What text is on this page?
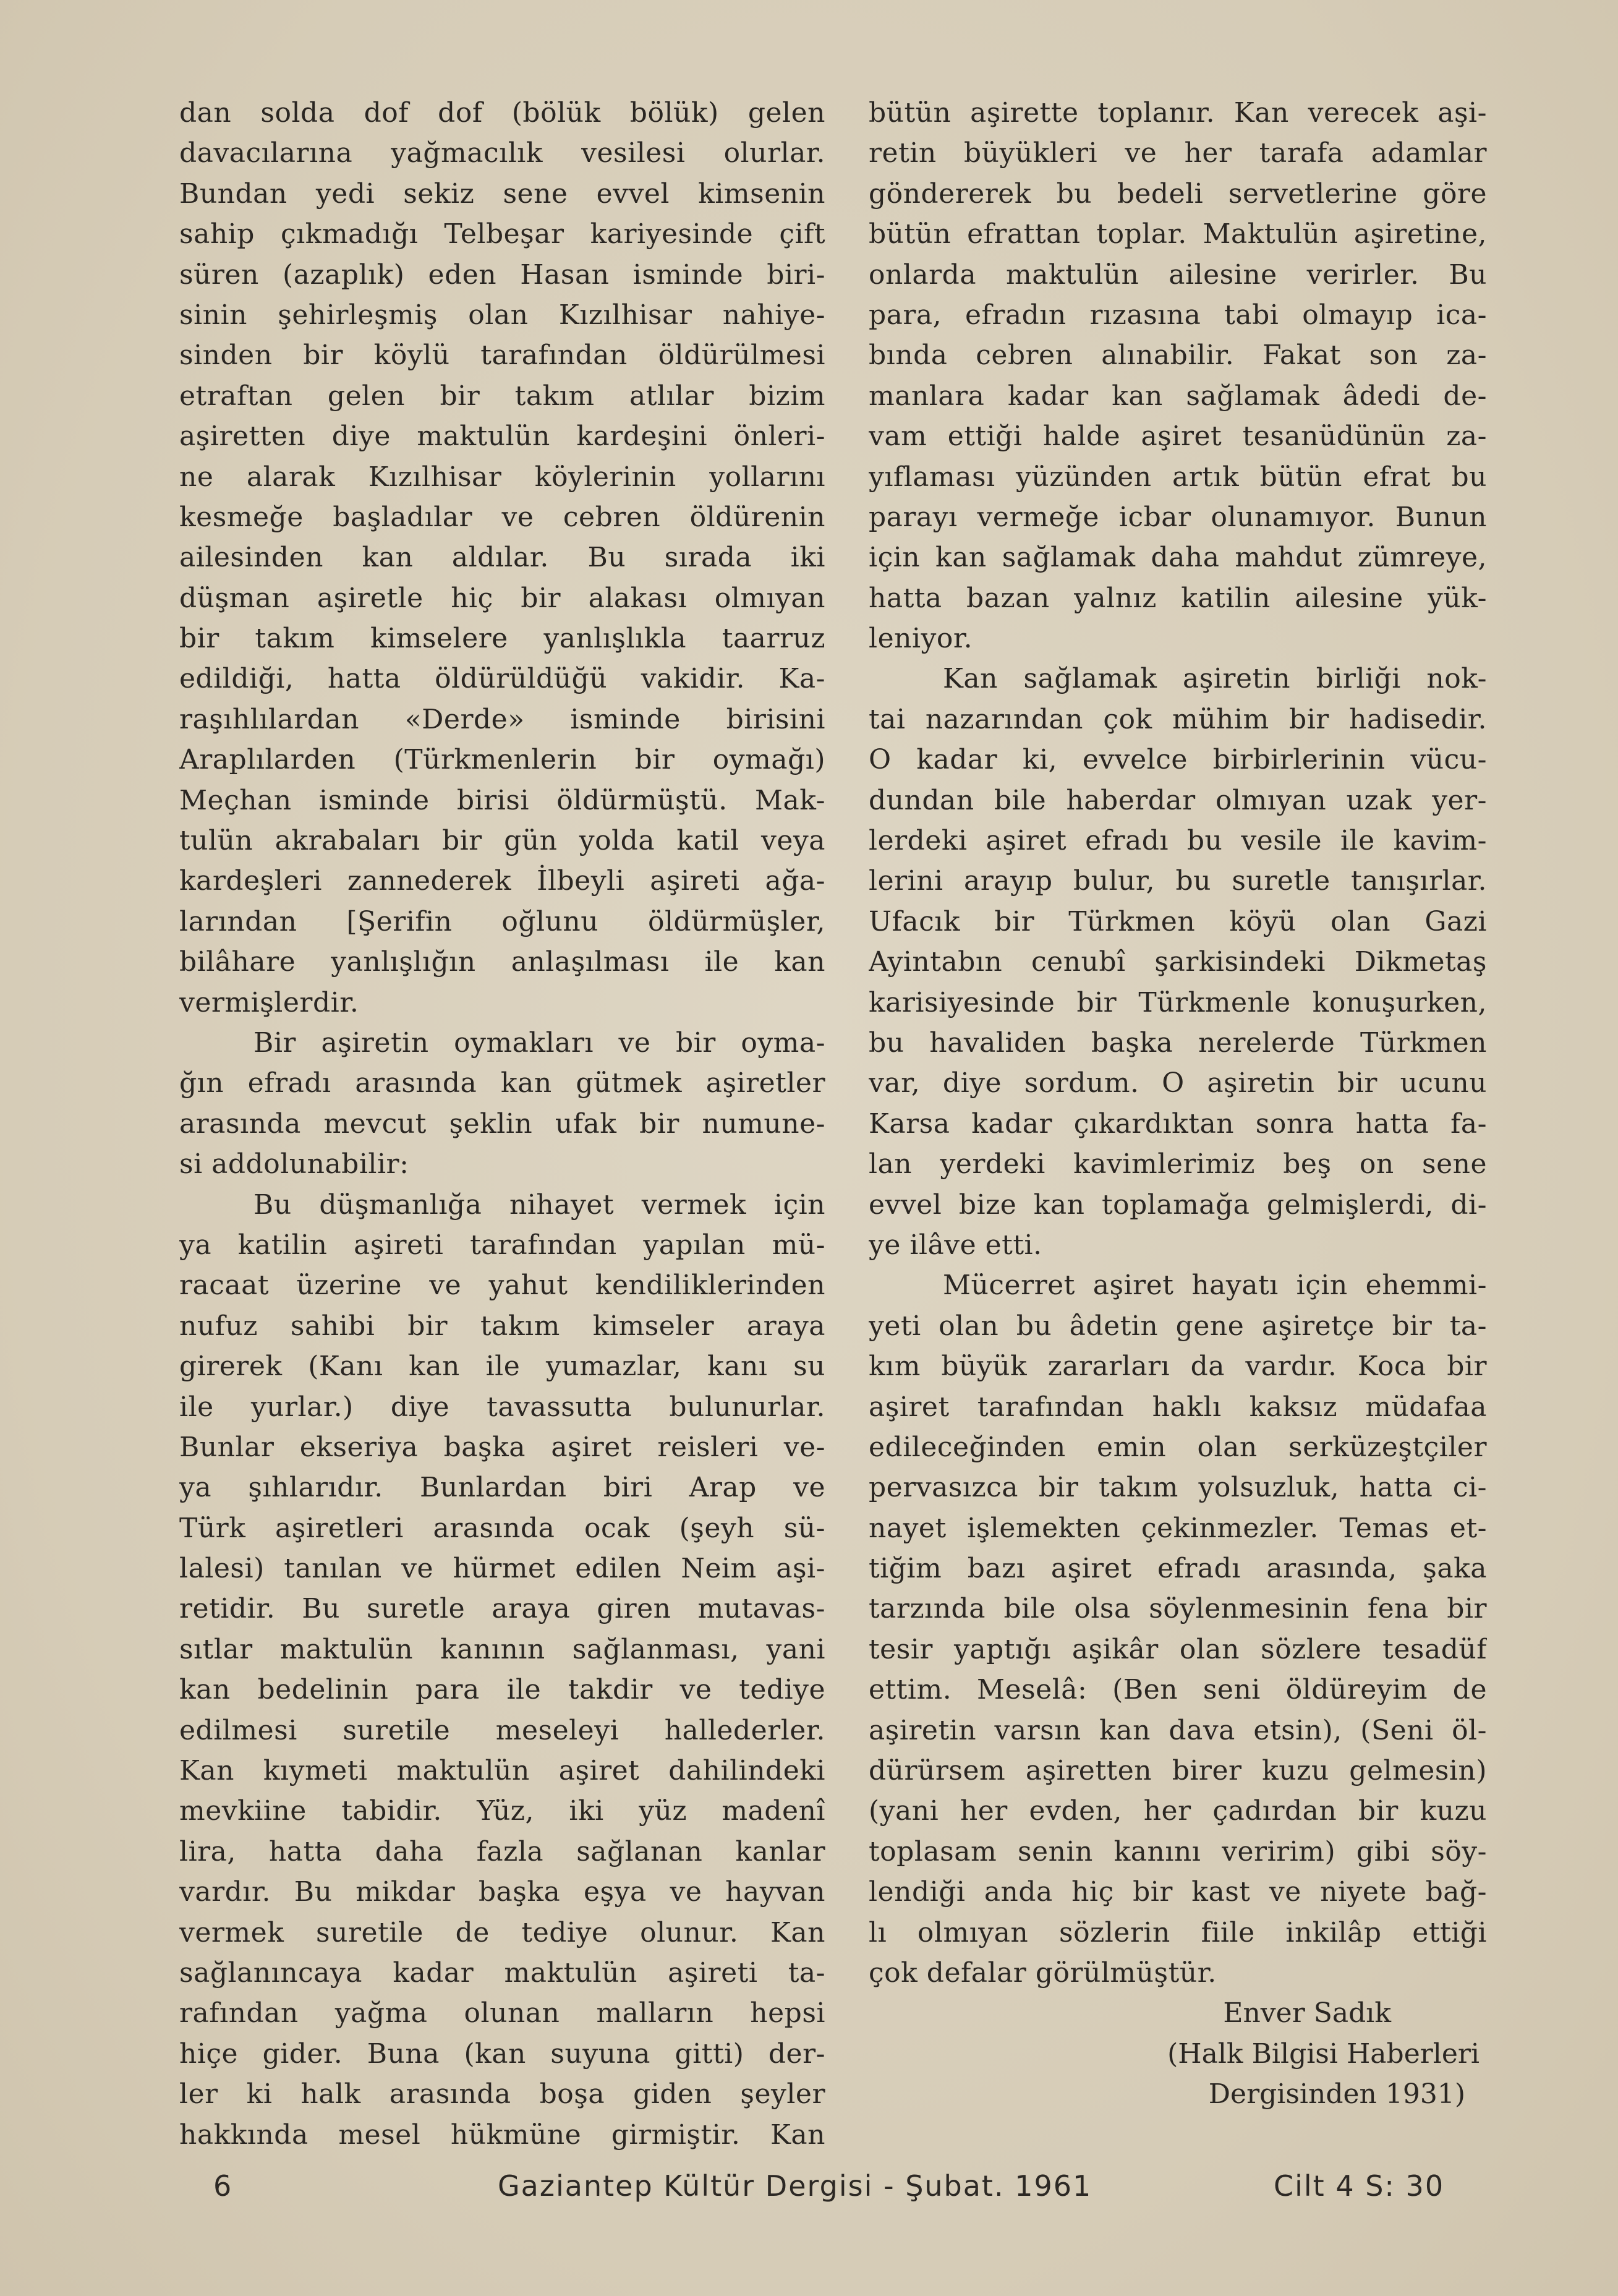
dan solda dof dof (bölük bölük) gelen
davacılarına yağmacılık vesilesi olurlar.
Bundan yedi sekiz sene evvel kimsenin
sahip çıkmadığı Telbeşar kariyesinde çift
süren (azaplık) eden Hasan isminde biri-
sinin şehirleşmiş olan Kızılhisar nahiye-
sinden bir köylü tarafından öldürülmesi
etraftan gelen bir takım atlılar bizim
aşiretten diye maktulün kardeşini önleri-
ne alarak Kızılhisar köylerinin yollarını
kesmeğe başladılar ve cebren öldürenin
ailesinden kan aldılar. Bu sırada iki
düşman aşiretle hiç bir alakası olmıyan
bir takım kimselere yanlışlıkla taarruz
edildiği, hatta öldürüldüğü vakidir. Ka-
raşıhlılardan «Derde» isminde birisini
Araplılarden (Türkmenlerin bir oymağı)
Meçhan isminde birisi öldürmüştü. Mak-
tulün akrabaları bir gün yolda katil veya
kardeşleri zannederek İlbeyli aşireti ağa-
larından [Şerifin oğlunu öldürmüşler,
bilâhare yanlışlığın anlaşılması ile kan
vermişlerdir.
Bir aşiretin oymakları ve bir oyma-
ğın efradı arasında kan gütmek aşiretler
arasında mevcut şeklin ufak bir numune-
si addolunabilir:
Bu düşmanlığa nihayet vermek için
ya katilin aşireti tarafından yapılan mü-
racaat üzerine ve yahut kendiliklerinden
nufuz sahibi bir takım kimseler araya
girerek (Kanı kan ile yumazlar, kanı su
ile yurlar.) diye tavassutta bulunurlar.
Bunlar ekseriya başka aşiret reisleri ve-
ya şıhlarıdır. Bunlardan biri Arap ve
Türk aşiretleri arasında ocak (şeyh sü-
lalesi) tanılan ve hürmet edilen Neim aşi-
retidir. Bu suretle araya giren mutavas-
sıtlar maktulün kanının sağlanması, yani
kan bedelinin para ile takdir ve tediye
edilmesi suretile meseleyi hallederler.
Kan kıymeti maktulün aşiret dahilindeki
mevkiine tabidir. Yüz, iki yüz madenî
lira, hatta daha fazla sağlanan kanlar
vardır. Bu mikdar başka eşya ve hayvan
vermek suretile de tediye olunur. Kan
sağlanıncaya kadar maktulün aşireti ta-
rafından yağma olunan malların hepsi
hiçe gider. Buna (kan suyuna gitti) der-
ler ki halk arasında boşa giden şeyler
hakkında mesel hükmüne girmiştir. Kan
bütün aşirette toplanır. Kan verecek aşi-
retin büyükleri ve her tarafa adamlar
göndererek bu bedeli servetlerine göre
bütün efrattan toplar. Maktulün aşiretine,
onlarda maktulün ailesine verirler. Bu
para, efradın rızasına tabi olmayıp ica-
bında cebren alınabilir. Fakat son za-
manlara kadar kan sağlamak âdedi de-
vam ettiği halde aşiret tesanüdünün za-
yıflaması yüzünden artık bütün efrat bu
parayı vermeğe icbar olunamıyor. Bunun
için kan sağlamak daha mahdut zümreye,
hatta bazan yalnız katilin ailesine yük-
leniyor.
Kan sağlamak aşiretin birliği nok-
tai nazarından çok mühim bir hadisedir.
O kadar ki, evvelce birbirlerinin vücu-
dundan bile haberdar olmıyan uzak yer-
lerdeki aşiret efradı bu vesile ile kavim-
lerini arayıp bulur, bu suretle tanışırlar.
Ufacık bir Türkmen köyü olan Gazi
Ayintabın cenubî şarkisindeki Dikmetaş
karisiyesinde bir Türkmenle konuşurken,
bu havaliden başka nerelerde Türkmen
var, diye sordum. O aşiretin bir ucunu
Karsa kadar çıkardıktan sonra hatta fa-
lan yerdeki kavimlerimiz beş on sene
evvel bize kan toplamağa gelmişlerdi, di-
ye ilâve etti.
Mücerret aşiret hayatı için ehemmi-
yeti olan bu âdetin gene aşiretçe bir ta-
kım büyük zararları da vardır. Koca bir
aşiret tarafından haklı kaksız müdafaa
edileceğinden emin olan serküzeştçiler
pervasızca bir takım yolsuzluk, hatta ci-
nayet işlemekten çekinmezler. Temas et-
tiğim bazı aşiret efradı arasında, şaka
tarzında bile olsa söylenmesinin fena bir
tesir yaptığı aşikâr olan sözlere tesadüf
ettim. Meselâ: (Ben seni öldüreyim de
aşiretin varsın kan dava etsin), (Seni öl-
dürürsem aşiretten birer kuzu gelmesin)
(yani her evden, her çadırdan bir kuzu
toplasam senin kanını veririm) gibi söy-
lendiği anda hiç bir kast ve niyete bağ-
lı olmıyan sözlerin fiile inkilâp ettiği
çok defalar görülmüştür.
Enver Sadık
(Halk Bilgisi Haberleri
Dergisinden 1931)
6	Gaziantep Kültür Dergisi - Şubat. 1961	Cilt 4 S: 30
